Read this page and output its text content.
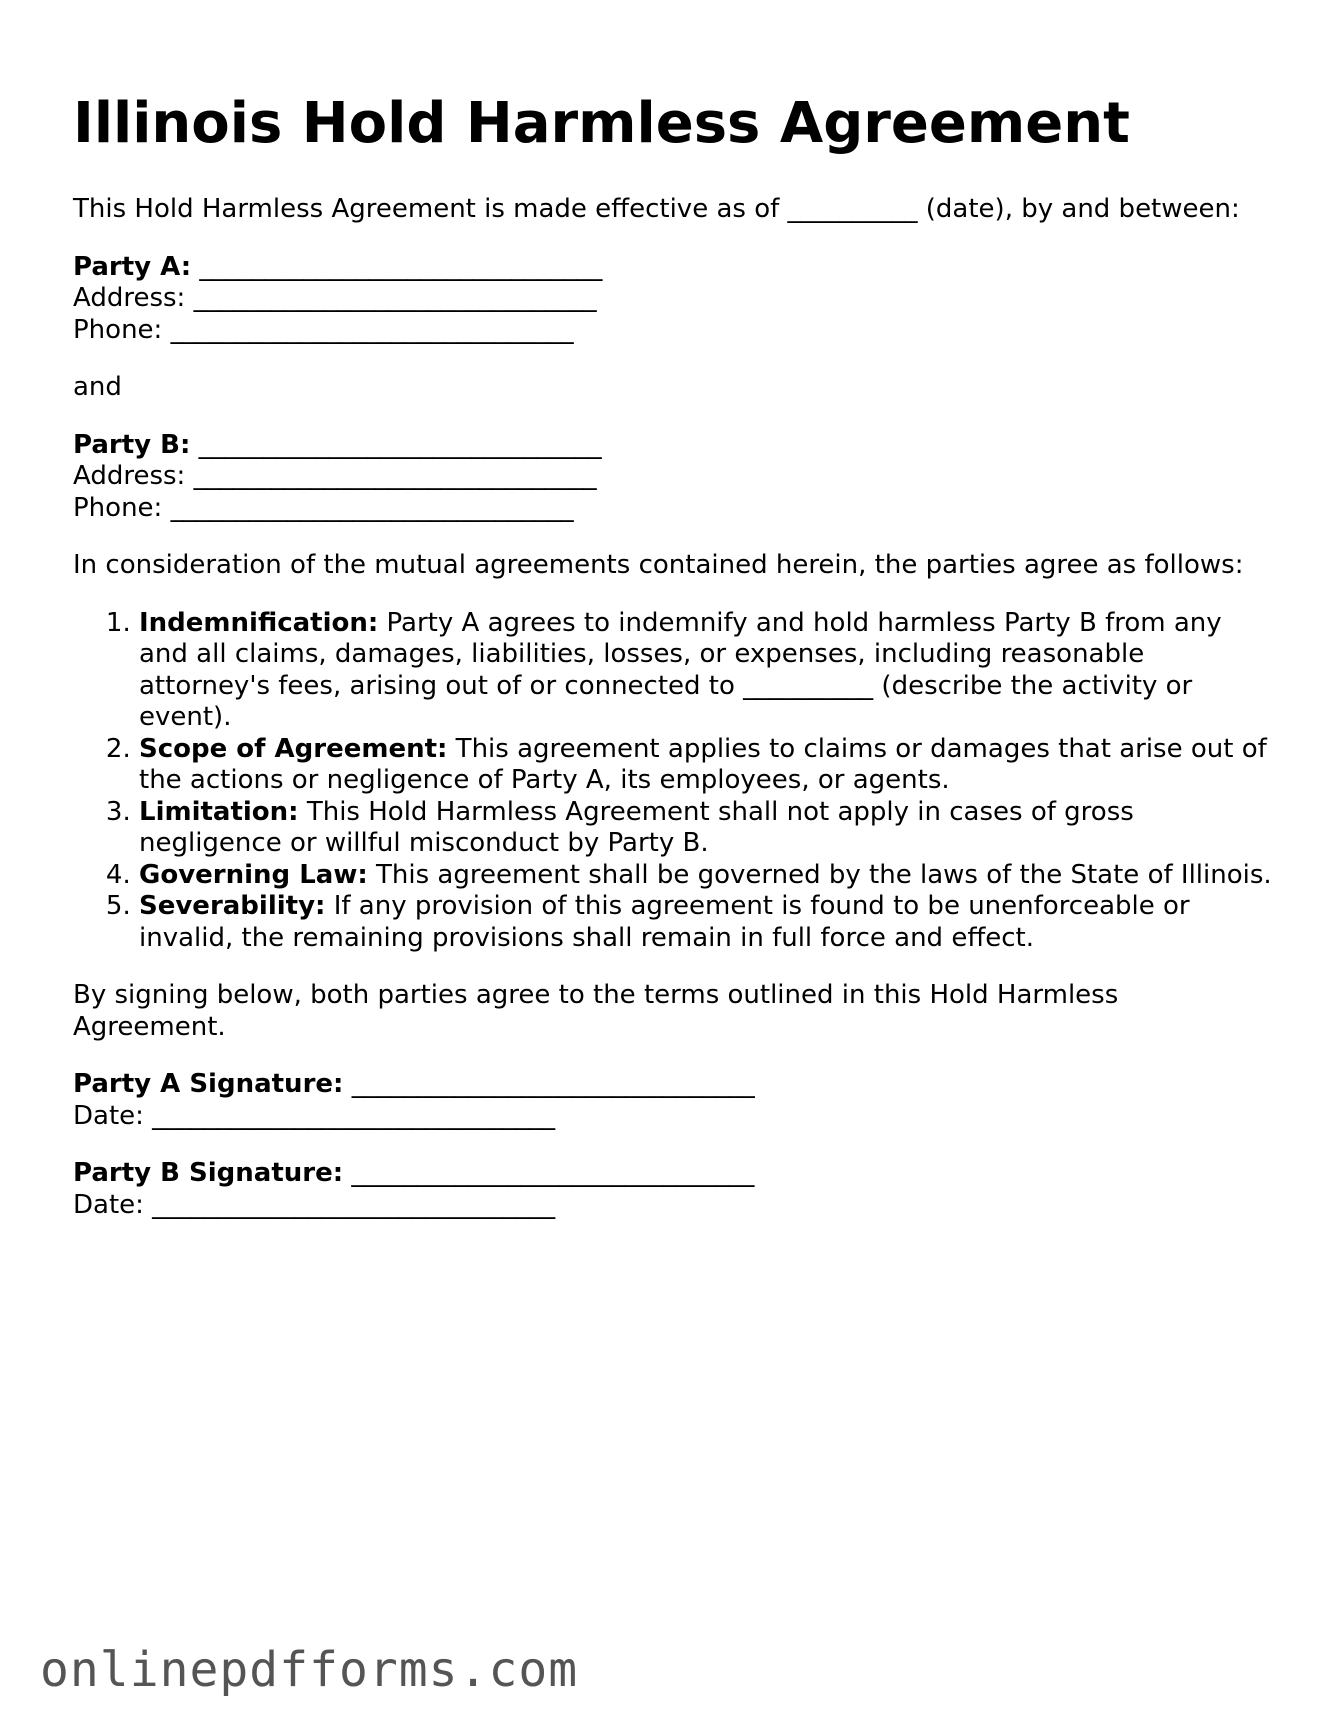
Illinois Hold Harmless Agreement

This Hold Harmless Agreement is made effective as of __________ (date), by and between:

Party A: _______________________________
Address: _______________________________
Phone: _______________________________

and

Party B: _______________________________
Address: _______________________________
Phone: _______________________________

In consideration of the mutual agreements contained herein, the parties agree as follows:

1. Indemnification: Party A agrees to indemnify and hold harmless Party B from any and all claims, damages, liabilities, losses, or expenses, including reasonable attorney's fees, arising out of or connected to __________ (describe the activity or event).
2. Scope of Agreement: This agreement applies to claims or damages that arise out of the actions or negligence of Party A, its employees, or agents.
3. Limitation: This Hold Harmless Agreement shall not apply in cases of gross negligence or willful misconduct by Party B.
4. Governing Law: This agreement shall be governed by the laws of the State of Illinois.
5. Severability: If any provision of this agreement is found to be unenforceable or invalid, the remaining provisions shall remain in full force and effect.

By signing below, both parties agree to the terms outlined in this Hold Harmless Agreement.

Party A Signature: _______________________________
Date: _______________________________
Party B Signature: _______________________________
Date: _______________________________
onlinepdfforms.com
